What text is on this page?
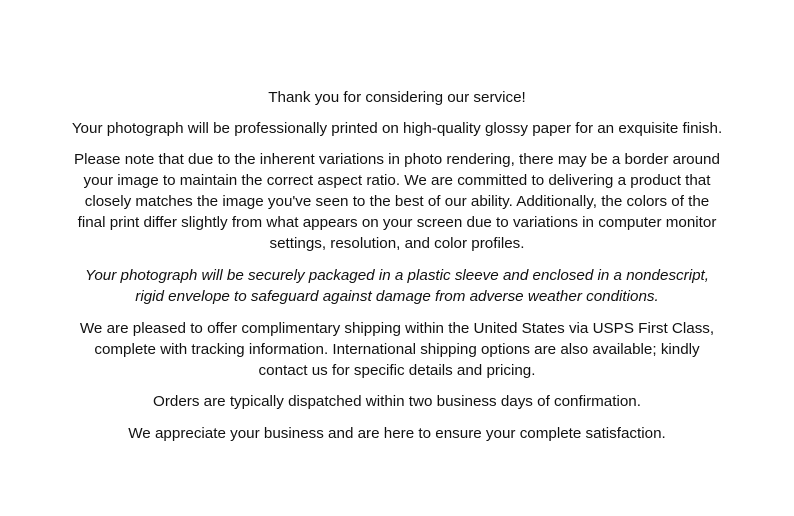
Thank you for considering our service!

Your photograph will be professionally printed on high-quality glossy paper for an exquisite finish.

Please note that due to the inherent variations in photo rendering, there may be a border around
your image to maintain the correct aspect ratio. We are committed to delivering a product that
closely matches the image you've seen to the best of our ability. Additionally, the colors of the
final print differ slightly from what appears on your screen due to variations in computer monitor
settings, resolution, and color profiles.

Your photograph will be securely packaged in a plastic sleeve and enclosed in a nondescript,
rigid envelope to safeguard against damage from adverse weather conditions.

We are pleased to offer complimentary shipping within the United States via USPS First Class,
complete with tracking information. International shipping options are also available; kindly
contact us for specific details and pricing.

Orders are typically dispatched within two business days of confirmation.

We appreciate your business and are here to ensure your complete satisfaction.
